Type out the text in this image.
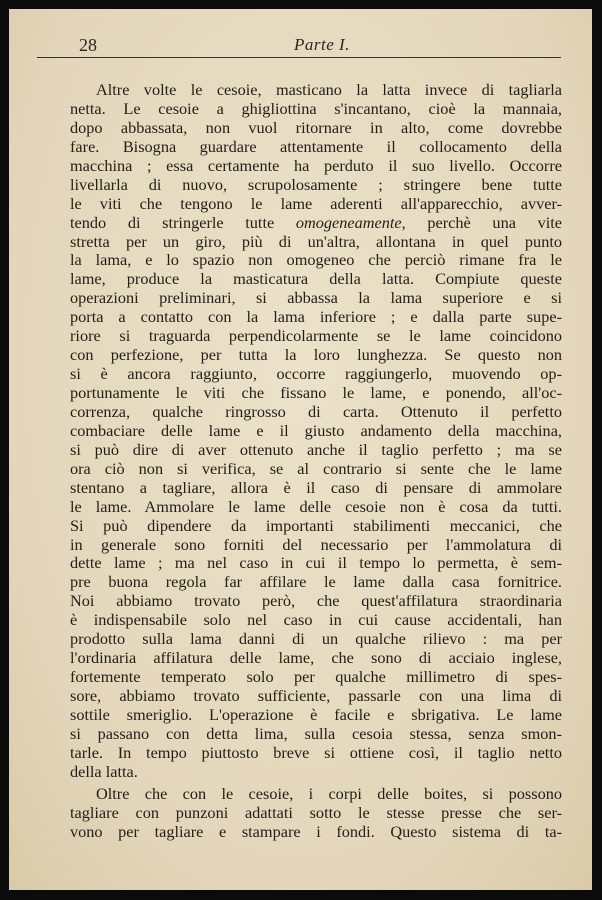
28	Parte I.
Altre volte le cesoie, masticano la latta invece di tagliarla
netta. Le cesoie a ghigliottina s'incantano, cioè la mannaia,
dopo abbassata, non vuol ritornare in alto, come dovrebbe
fare. Bisogna guardare attentamente il collocamento della
macchina ; essa certamente ha perduto il suo livello. Occorre
livellarla di nuovo, scrupolosamente ; stringere bene tutte
le viti che tengono le lame aderenti all'apparecchio, avver-
tendo di stringerle tutte omogeneamente, perchè una vite
stretta per un giro, più di un'altra, allontana in quel punto
la lama, e lo spazio non omogeneo che perciò rimane fra le
lame, produce la masticatura della latta. Compiute queste
operazioni preliminari, si abbassa la lama superiore e si
porta a contatto con la lama inferiore ; e dalla parte supe-
riore si traguarda perpendicolarmente se le lame coincidono
con perfezione, per tutta la loro lunghezza. Se questo non
si è ancora raggiunto, occorre raggiungerlo, muovendo op-
portunamente le viti che fissano le lame, e ponendo, all'oc-
correnza, qualche ringrosso di carta. Ottenuto il perfetto
combaciare delle lame e il giusto andamento della macchina,
si può dire di aver ottenuto anche il taglio perfetto ; ma se
ora ciò non si verifica, se al contrario si sente che le lame
stentano a tagliare, allora è il caso di pensare di ammolare
le lame. Ammolare le lame delle cesoie non è cosa da tutti.
Si può dipendere da importanti stabilimenti meccanici, che
in generale sono forniti del necessario per l'ammolatura di
dette lame ; ma nel caso in cui il tempo lo permetta, è sem-
pre buona regola far affilare le lame dalla casa fornitrice.
Noi abbiamo trovato però, che quest'affilatura straordinaria
è indispensabile solo nel caso in cui cause accidentali, han
prodotto sulla lama danni di un qualche rilievo : ma per
l'ordinaria affilatura delle lame, che sono di acciaio inglese,
fortemente temperato solo per qualche millimetro di spes-
sore, abbiamo trovato sufficiente, passarle con una lima di
sottile smeriglio. L'operazione è facile e sbrigativa. Le lame
si passano con detta lima, sulla cesoia stessa, senza smon-
tarle. In tempo piuttosto breve si ottiene così, il taglio netto
della latta.
Oltre che con le cesoie, i corpi delle boites, si possono
tagliare con punzoni adattati sotto le stesse presse che ser-
vono per tagliare e stampare i fondi. Questo sistema di ta-
